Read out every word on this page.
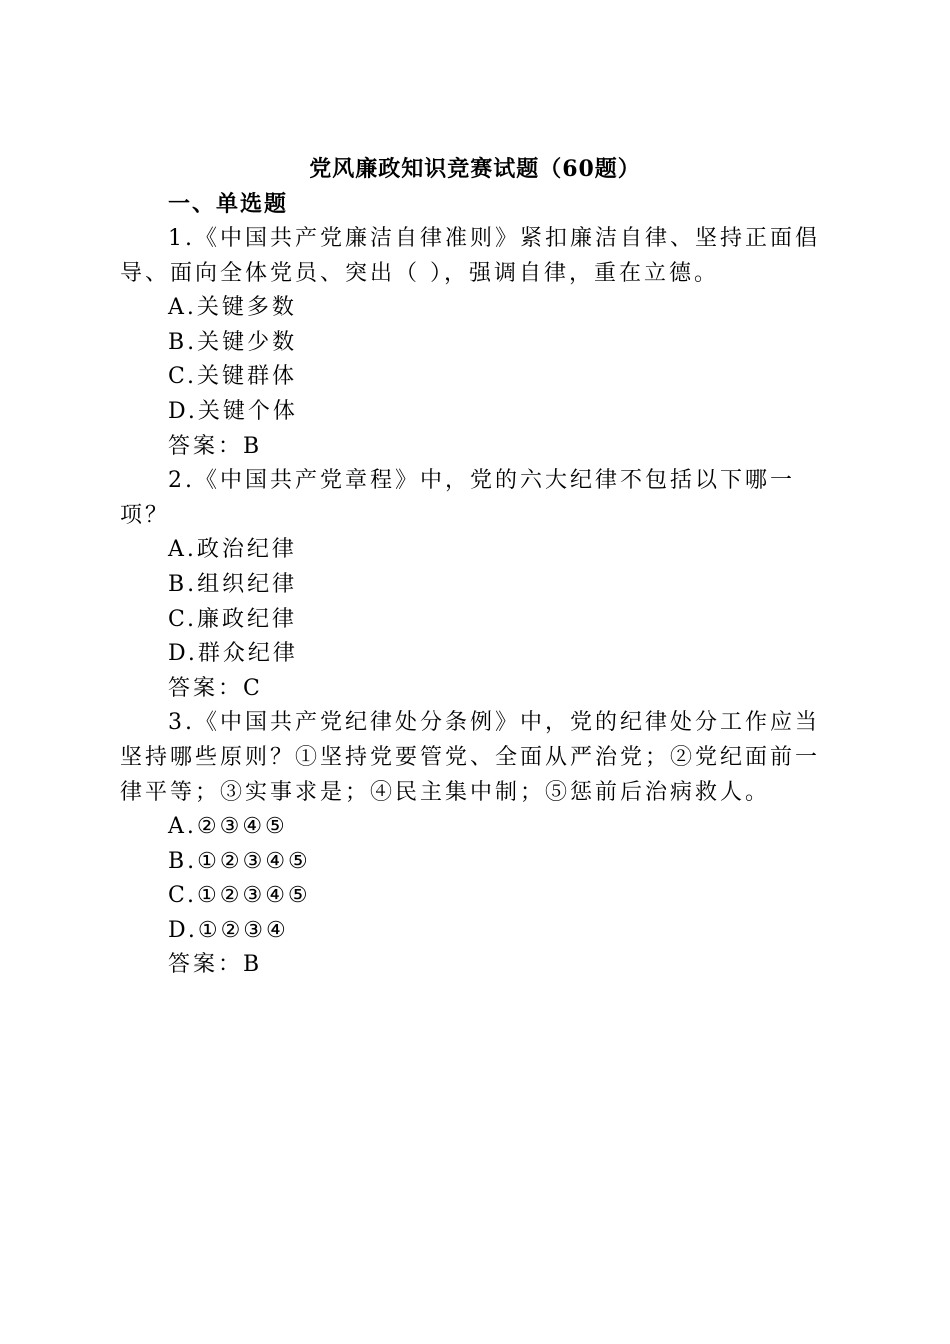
党风廉政知识竞赛试题（60题）
一、单选题

1.《中国共产党廉洁自律准则》紧扣廉洁自律、坚持正面倡导、面向全体党员、突出（ ），强调自律，重在立德。

A.关键多数

B.关键少数

C.关键群体

D.关键个体

答案：B

2.《中国共产党章程》中，党的六大纪律不包括以下哪一项？

A.政治纪律

B.组织纪律

C.廉政纪律

D.群众纪律

答案：C

3.《中国共产党纪律处分条例》中，党的纪律处分工作应当坚持哪些原则？①坚持党要管党、全面从严治党；②党纪面前一律平等；③实事求是；④民主集中制；⑤惩前后治病救人。

A.②③④⑤

B.①②③④⑤

C.①②③④⑤

D.①②③④

答案：B
